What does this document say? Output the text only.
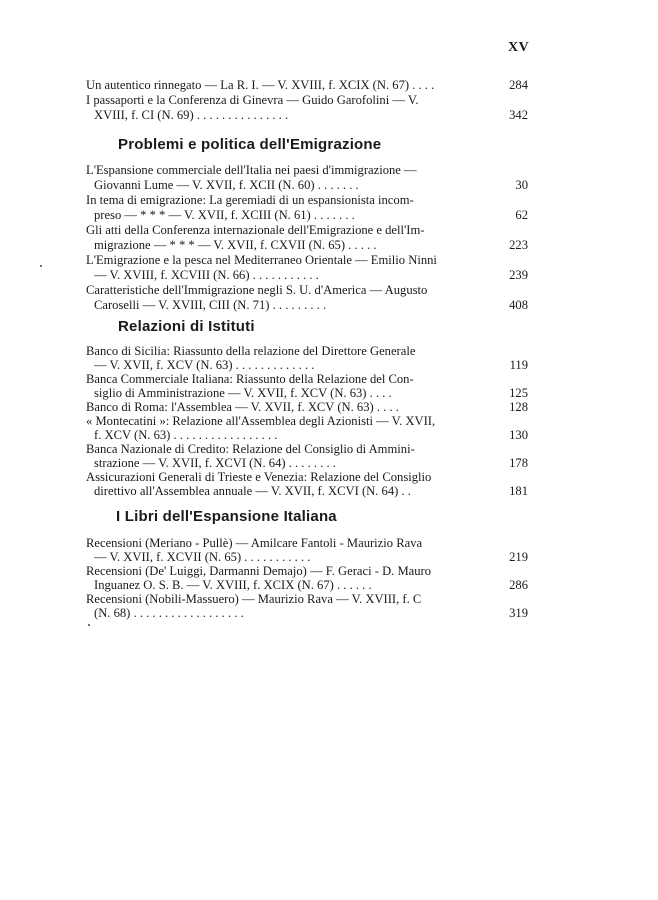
XV
Un autentico rinnegato — La R. I. — V. XVIII, f. XCIX (N. 67) . . . .	284
I passaporti e la Conferenza di Ginevra — Guido Garofolini — V.
XVIII, f. CI (N. 69) . . . . . . . . . . . . . . .	342
Problemi e politica dell'Emigrazione
L'Espansione commerciale dell'Italia nei paesi d'immigrazione —
Giovanni Lume — V. XVII, f. XCII (N. 60) . . . . . . .	30
In tema di emigrazione: La geremiadi di un espansionista incom-
preso — * * * — V. XVII, f. XCIII (N. 61) . . . . . . .	62
Gli atti della Conferenza internazionale dell'Emigrazione e dell'Im-
migrazione — * * * — V. XVII, f. CXVII (N. 65) . . . . .	223
L'Emigrazione e la pesca nel Mediterraneo Orientale — Emilio Ninni
— V. XVIII, f. XCVIII (N. 66) . . . . . . . . . . .	239
Caratteristiche dell'Immigrazione negli S. U. d'America — Augusto
Caroselli — V. XVIII, CIII (N. 71) . . . . . . . . .	408
Relazioni di Istituti
Banco di Sicilia: Riassunto della relazione del Direttore Generale
— V. XVII, f. XCV (N. 63) . . . . . . . . . . . . .	119
Banca Commerciale Italiana: Riassunto della Relazione del Con-
siglio di Amministrazione — V. XVII, f. XCV (N. 63) . . . .	125
Banco di Roma: l'Assemblea — V. XVII, f. XCV (N. 63) . . . .	128
« Montecatini »: Relazione all'Assemblea degli Azionisti — V. XVII,
f. XCV (N. 63) . . . . . . . . . . . . . . . . .	130
Banca Nazionale di Credito: Relazione del Consiglio di Ammini-
strazione — V. XVII, f. XCVI (N. 64) . . . . . . . .	178
Assicurazioni Generali di Trieste e Venezia: Relazione del Consiglio
direttivo all'Assemblea annuale — V. XVII, f. XCVI (N. 64) . .	181
I Libri dell'Espansione Italiana
Recensioni (Meriano - Pullè) — Amilcare Fantoli - Maurizio Rava
— V. XVII, f. XCVII (N. 65) . . . . . . . . . . .	219
Recensioni (De' Luiggi, Darmanni Demajo) — F. Geraci - D. Mauro
Inguanez O. S. B. — V. XVIII, f. XCIX (N. 67) . . . . . .	286
Recensioni (Nobili-Massuero) — Maurizio Rava — V. XVIII, f. C
(N. 68) . . . . . . . . . . . . . . . . . .	319
